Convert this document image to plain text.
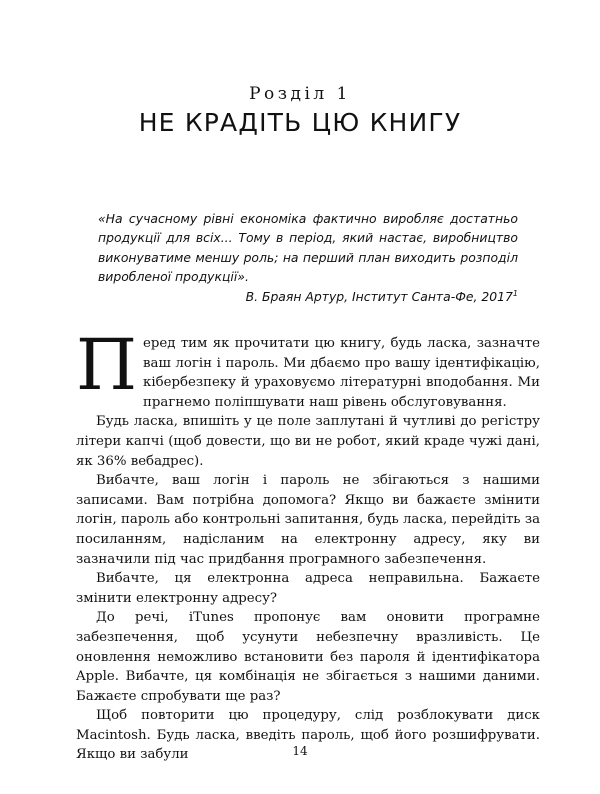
Розділ 1
НЕ КРАДІТЬ ЦЮ КНИГУ
«На сучасному рівні економіка фактично виробляє достатньо продукції для всіх... Тому в період, який настає, виробництво виконуватиме меншу роль; на перший план виходить розподіл виробленої продукції».
В. Браян Артур, Інститут Санта-Фе, 2017$^1$

Перед тим як прочитати цю книгу, будь ласка, зазначте ваш логін і пароль. Ми дбаємо про вашу ідентифікацію, кібербезпеку й ураховуємо літературні вподобання. Ми прагнемо поліпшувати наш рівень обслуговування.

Будь ласка, впишіть у це поле заплутані й чутливі до регістру літери капчі (щоб довести, що ви не робот, який краде чужі дані, як 36% вебадрес).

Вибачте, ваш логін і пароль не збігаються з нашими записами. Вам потрібна допомога? Якщо ви бажаєте змінити логін, пароль або контрольні запитання, будь ласка, перейдіть за посиланням, надісланим на електронну адресу, яку ви зазначили під час придбання програмного забезпечення.

Вибачте, ця електронна адреса неправильна. Бажаєте змінити електронну адресу?

До речі, iTunes пропонує вам оновити програмне забезпечення, щоб усунути небезпечну вразливість. Це оновлення неможливо встановити без пароля й ідентифікатора Apple. Вибачте, ця комбінація не збігається з нашими даними. Бажаєте спробувати ще раз?

Щоб повторити цю процедуру, слід розблокувати диск Macintosh. Будь ласка, введіть пароль, щоб його розшифрувати. Якщо ви забули	14
